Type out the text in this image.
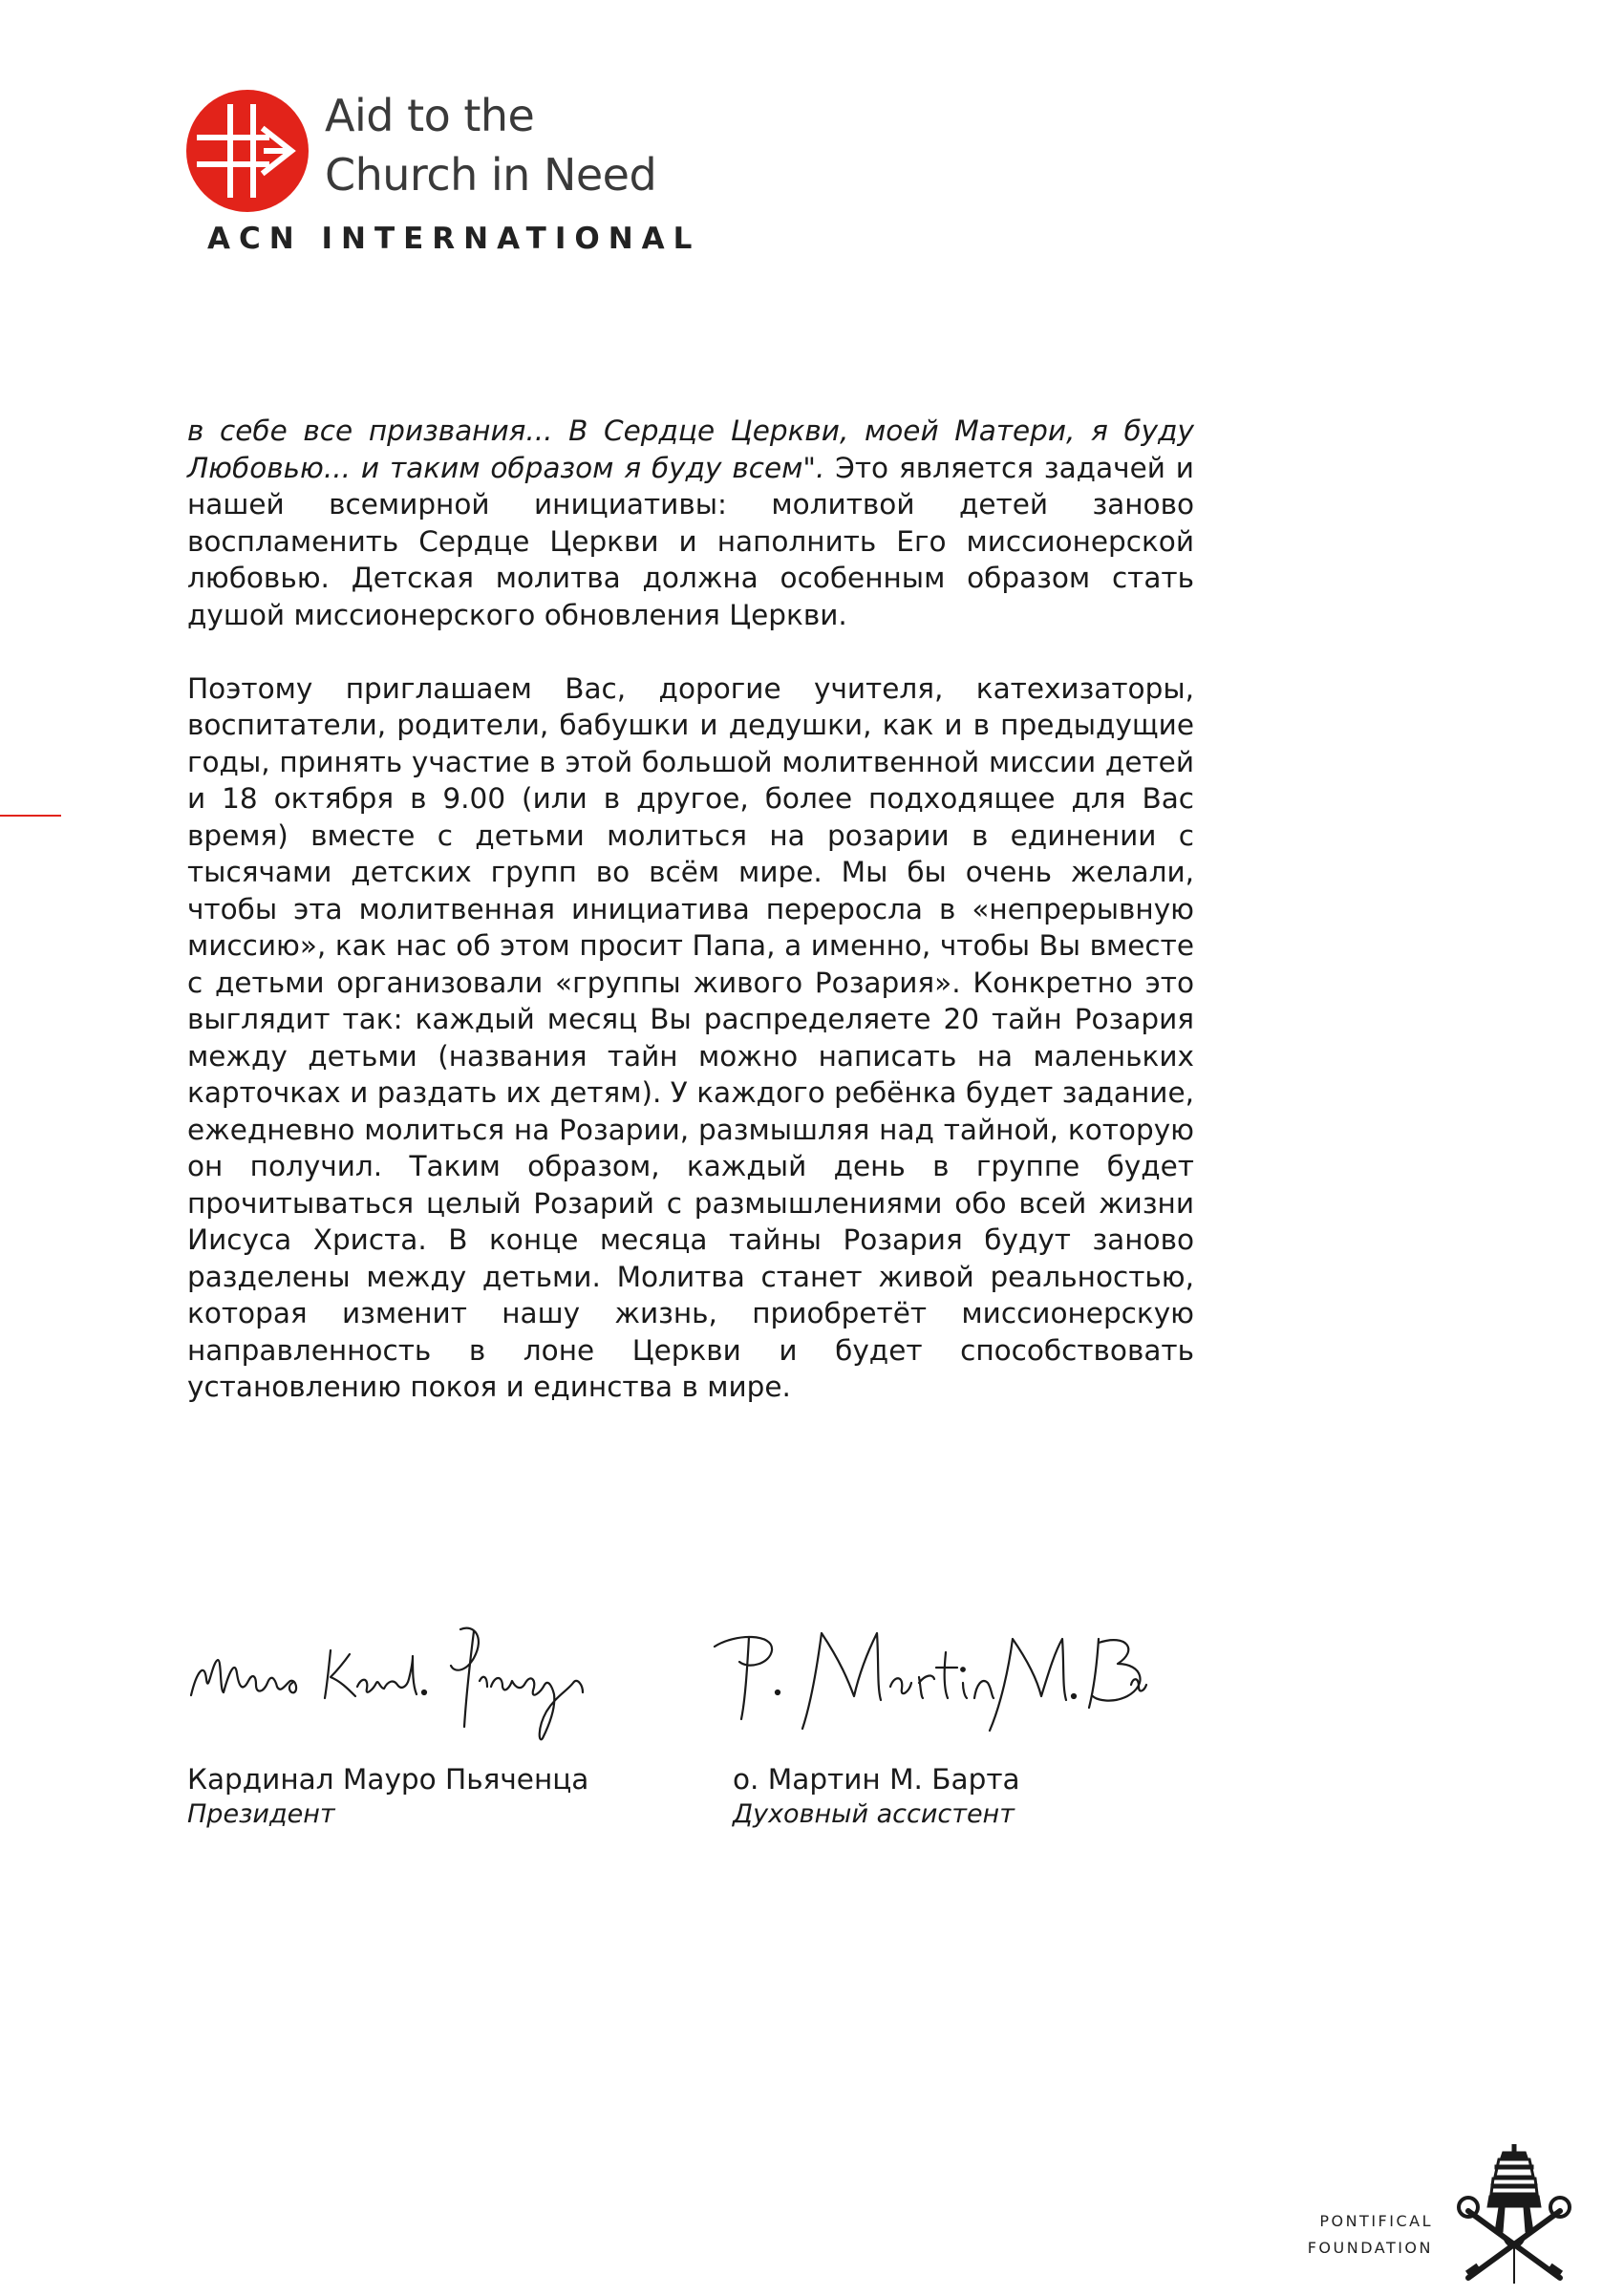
Aid to the
Church in Need
ACN INTERNATIONAL

в себе все призвания... В Сердце Церкви, моей Матери, я буду Любовью... и таким образом я буду всем". Это является задачей и нашей всемирной инициативы: молитвой детей заново воспламенить Сердце Церкви и наполнить Его миссионерской любовью. Детская молитва должна особенным образом стать душой миссионерского обновления Церкви.

Поэтому приглашаем Вас, дорогие учителя, катехизаторы, воспитатели, родители, бабушки и дедушки, как и в предыдущие годы, принять участие в этой большой молитвенной миссии детей и 18 октября в 9.00 (или в другое, более подходящее для Вас время) вместе с детьми молиться на розарии в единении с тысячами детских групп во всём мире. Мы бы очень желали, чтобы эта молитвенная инициатива переросла в «непрерывную миссию», как нас об этом просит Папа, а именно, чтобы Вы вместе с детьми организовали «группы живого Розария». Конкретно это выглядит так: каждый месяц Вы распределяете 20 тайн Розария между детьми (названия тайн можно написать на маленьких карточках и раздать их детям). У каждого ребёнка будет задание, ежедневно молиться на Розарии, размышляя над тайной, которую он получил. Таким образом, каждый день в группе будет прочитываться целый Розарий с размышлениями обо всей жизни Иисуса Христа. В конце месяца тайны Розария будут заново разделены между детьми. Молитва станет живой реальностью, которая изменит нашу жизнь, приобретёт миссионерскую направленность в лоне Церкви и будет способствовать установлению покоя и единства в мире.

Кардинал Мауро Пьяченца
Президент
о. Мартин М. Барта
Духовный ассистент
PONTIFICAL
FOUNDATION
